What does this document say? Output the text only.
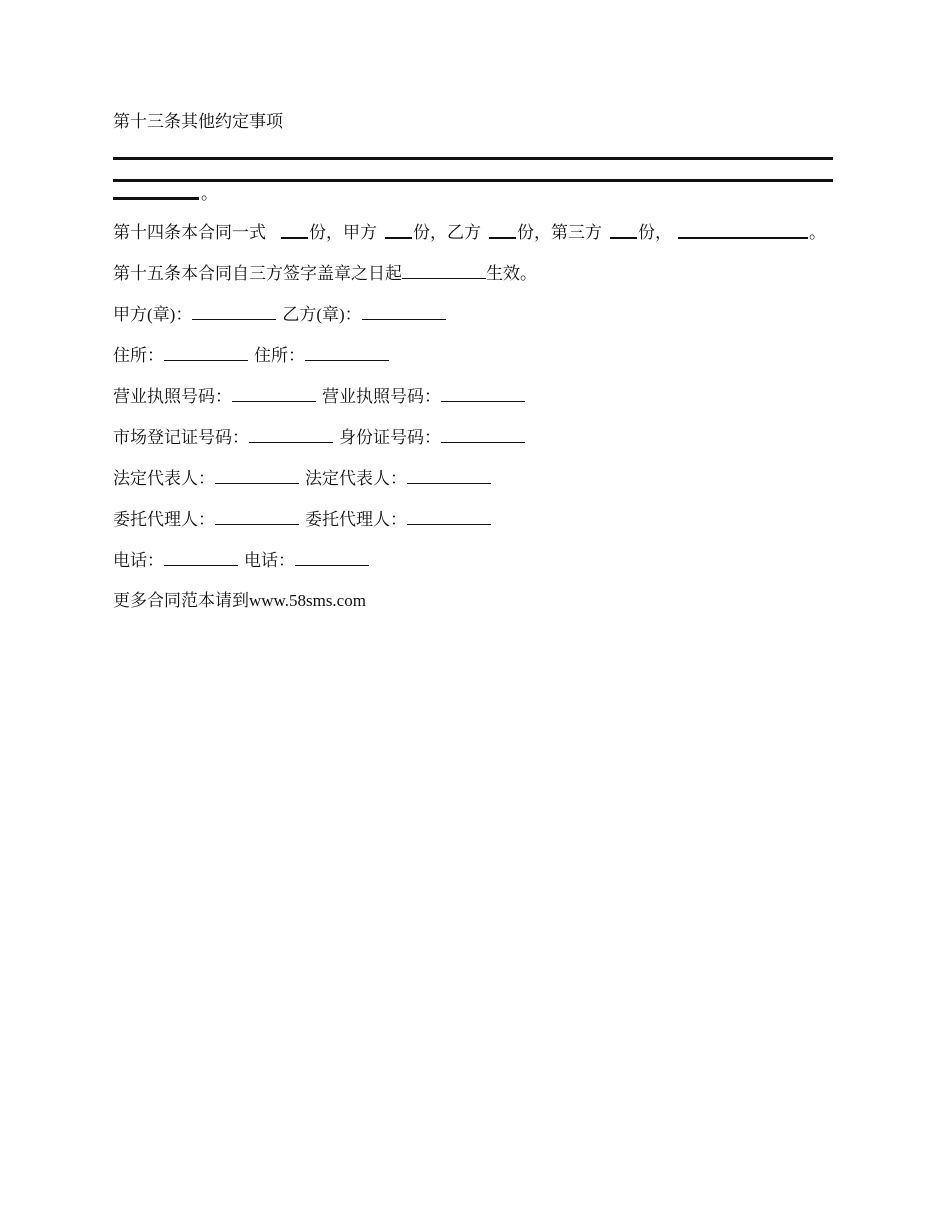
第十三条其他约定事项
。
第十四条本合同一式	份，甲方 份，乙方 份，第三方 份，	。
第十五条本合同自三方签字盖章之日起	生效。
甲方(章)：	乙方(章)：
住所：	住所：
营业执照号码：	营业执照号码：
市场登记证号码：	身份证号码：
法定代表人：	法定代表人：
委托代理人：	委托代理人：
电话：	电话：
更多合同范本请到www.58sms.com
